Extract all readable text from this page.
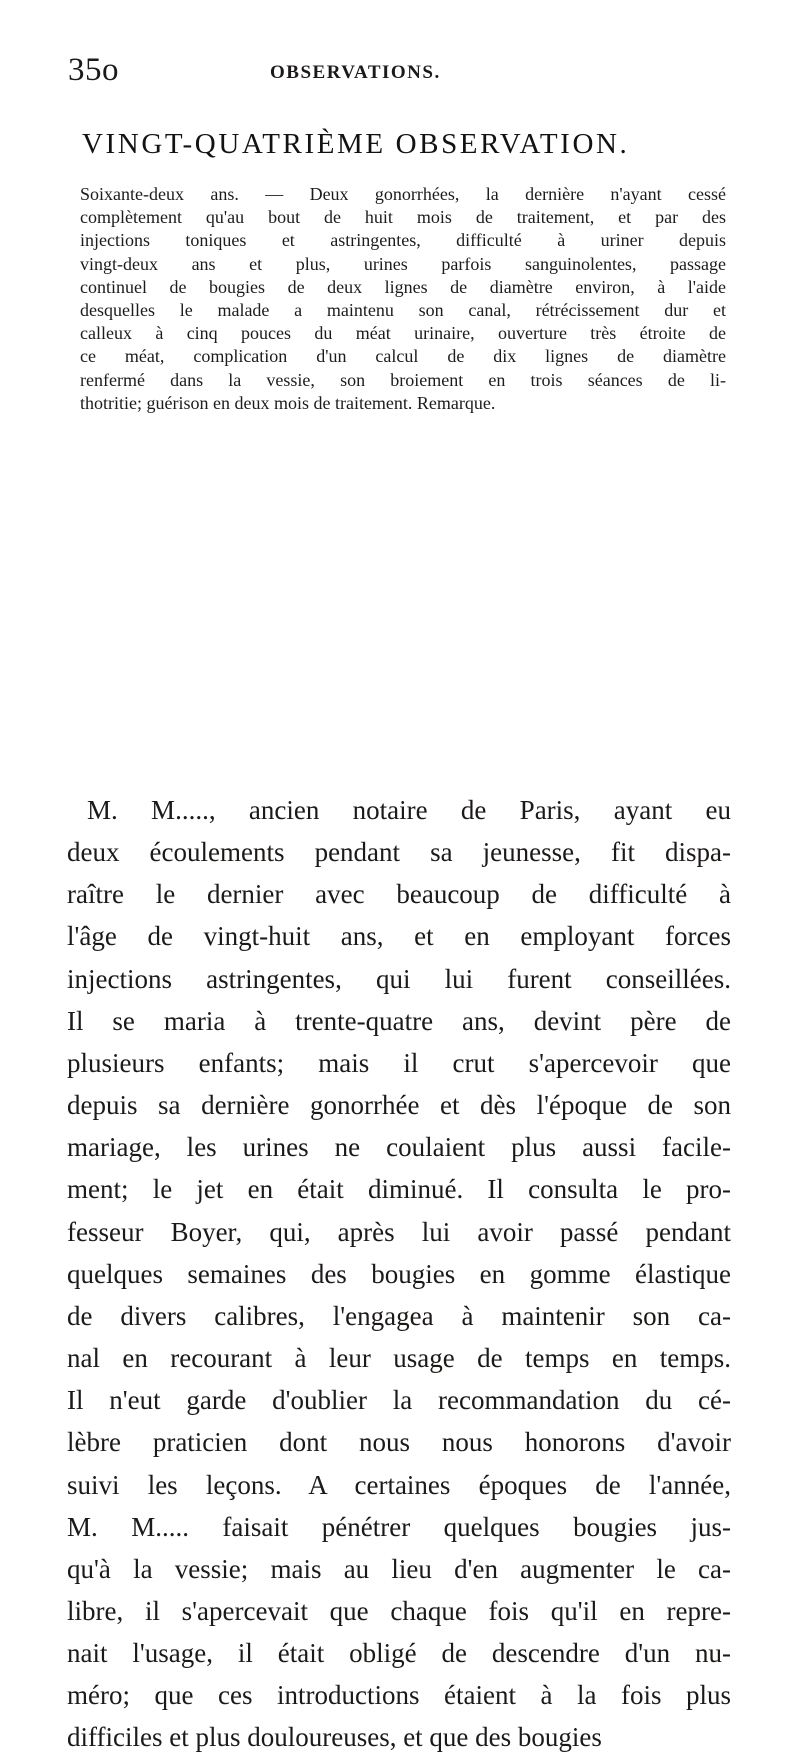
35o	OBSERVATIONS.
VINGT-QUATRIÈME OBSERVATION.
Soixante-deux ans. — Deux gonorrhées, la dernière n'ayant cessé
complètement qu'au bout de huit mois de traitement, et par des
injections toniques et astringentes, difficulté à uriner depuis
vingt-deux ans et plus, urines parfois sanguinolentes, passage
continuel de bougies de deux lignes de diamètre environ, à l'aide
desquelles le malade a maintenu son canal, rétrécissement dur et
calleux à cinq pouces du méat urinaire, ouverture très étroite de
ce méat, complication d'un calcul de dix lignes de diamètre
renfermé dans la vessie, son broiement en trois séances de li-
thotritie; guérison en deux mois de traitement. Remarque.
M. M....., ancien notaire de Paris, ayant eu
deux écoulements pendant sa jeunesse, fit dispa-
raître le dernier avec beaucoup de difficulté à
l'âge de vingt-huit ans, et en employant forces
injections astringentes, qui lui furent conseillées.
Il se maria à trente-quatre ans, devint père de
plusieurs enfants; mais il crut s'apercevoir que
depuis sa dernière gonorrhée et dès l'époque de son
mariage, les urines ne coulaient plus aussi facile-
ment; le jet en était diminué. Il consulta le pro-
fesseur Boyer, qui, après lui avoir passé pendant
quelques semaines des bougies en gomme élastique
de divers calibres, l'engagea à maintenir son ca-
nal en recourant à leur usage de temps en temps.
Il n'eut garde d'oublier la recommandation du cé-
lèbre praticien dont nous nous honorons d'avoir
suivi les leçons. A certaines époques de l'année,
M. M..... faisait pénétrer quelques bougies jus-
qu'à la vessie; mais au lieu d'en augmenter le ca-
libre, il s'apercevait que chaque fois qu'il en repre-
nait l'usage, il était obligé de descendre d'un nu-
méro; que ces introductions étaient à la fois plus
difficiles et plus douloureuses, et que des bougies
